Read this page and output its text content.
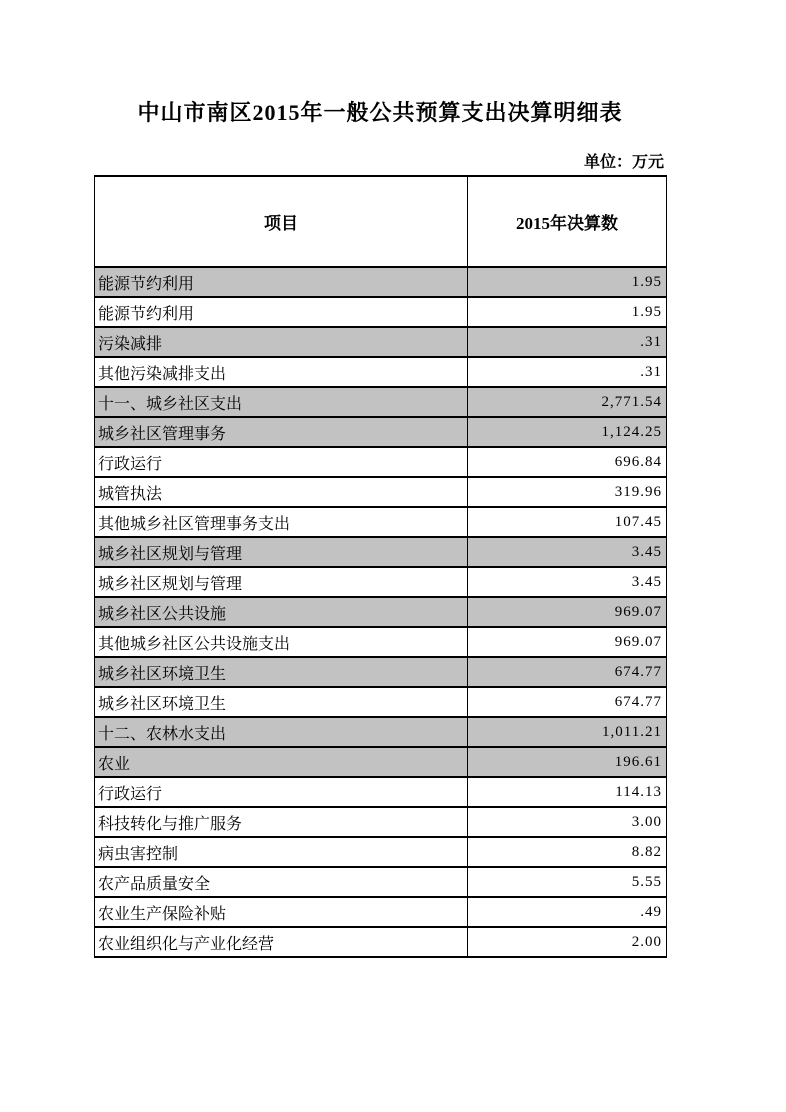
中山市南区2015年一般公共预算支出决算明细表
单位：万元
项目	2015年决算数
能源节约利用	1.95
能源节约利用	1.95
污染减排	.31
其他污染减排支出	.31
十一、城乡社区支出	2,771.54
城乡社区管理事务	1,124.25
行政运行	696.84
城管执法	319.96
其他城乡社区管理事务支出	107.45
城乡社区规划与管理	3.45
城乡社区规划与管理	3.45
城乡社区公共设施	969.07
其他城乡社区公共设施支出	969.07
城乡社区环境卫生	674.77
城乡社区环境卫生	674.77
十二、农林水支出	1,011.21
农业	196.61
行政运行	114.13
科技转化与推广服务	3.00
病虫害控制	8.82
农产品质量安全	5.55
农业生产保险补贴	.49
农业组织化与产业化经营	2.00
